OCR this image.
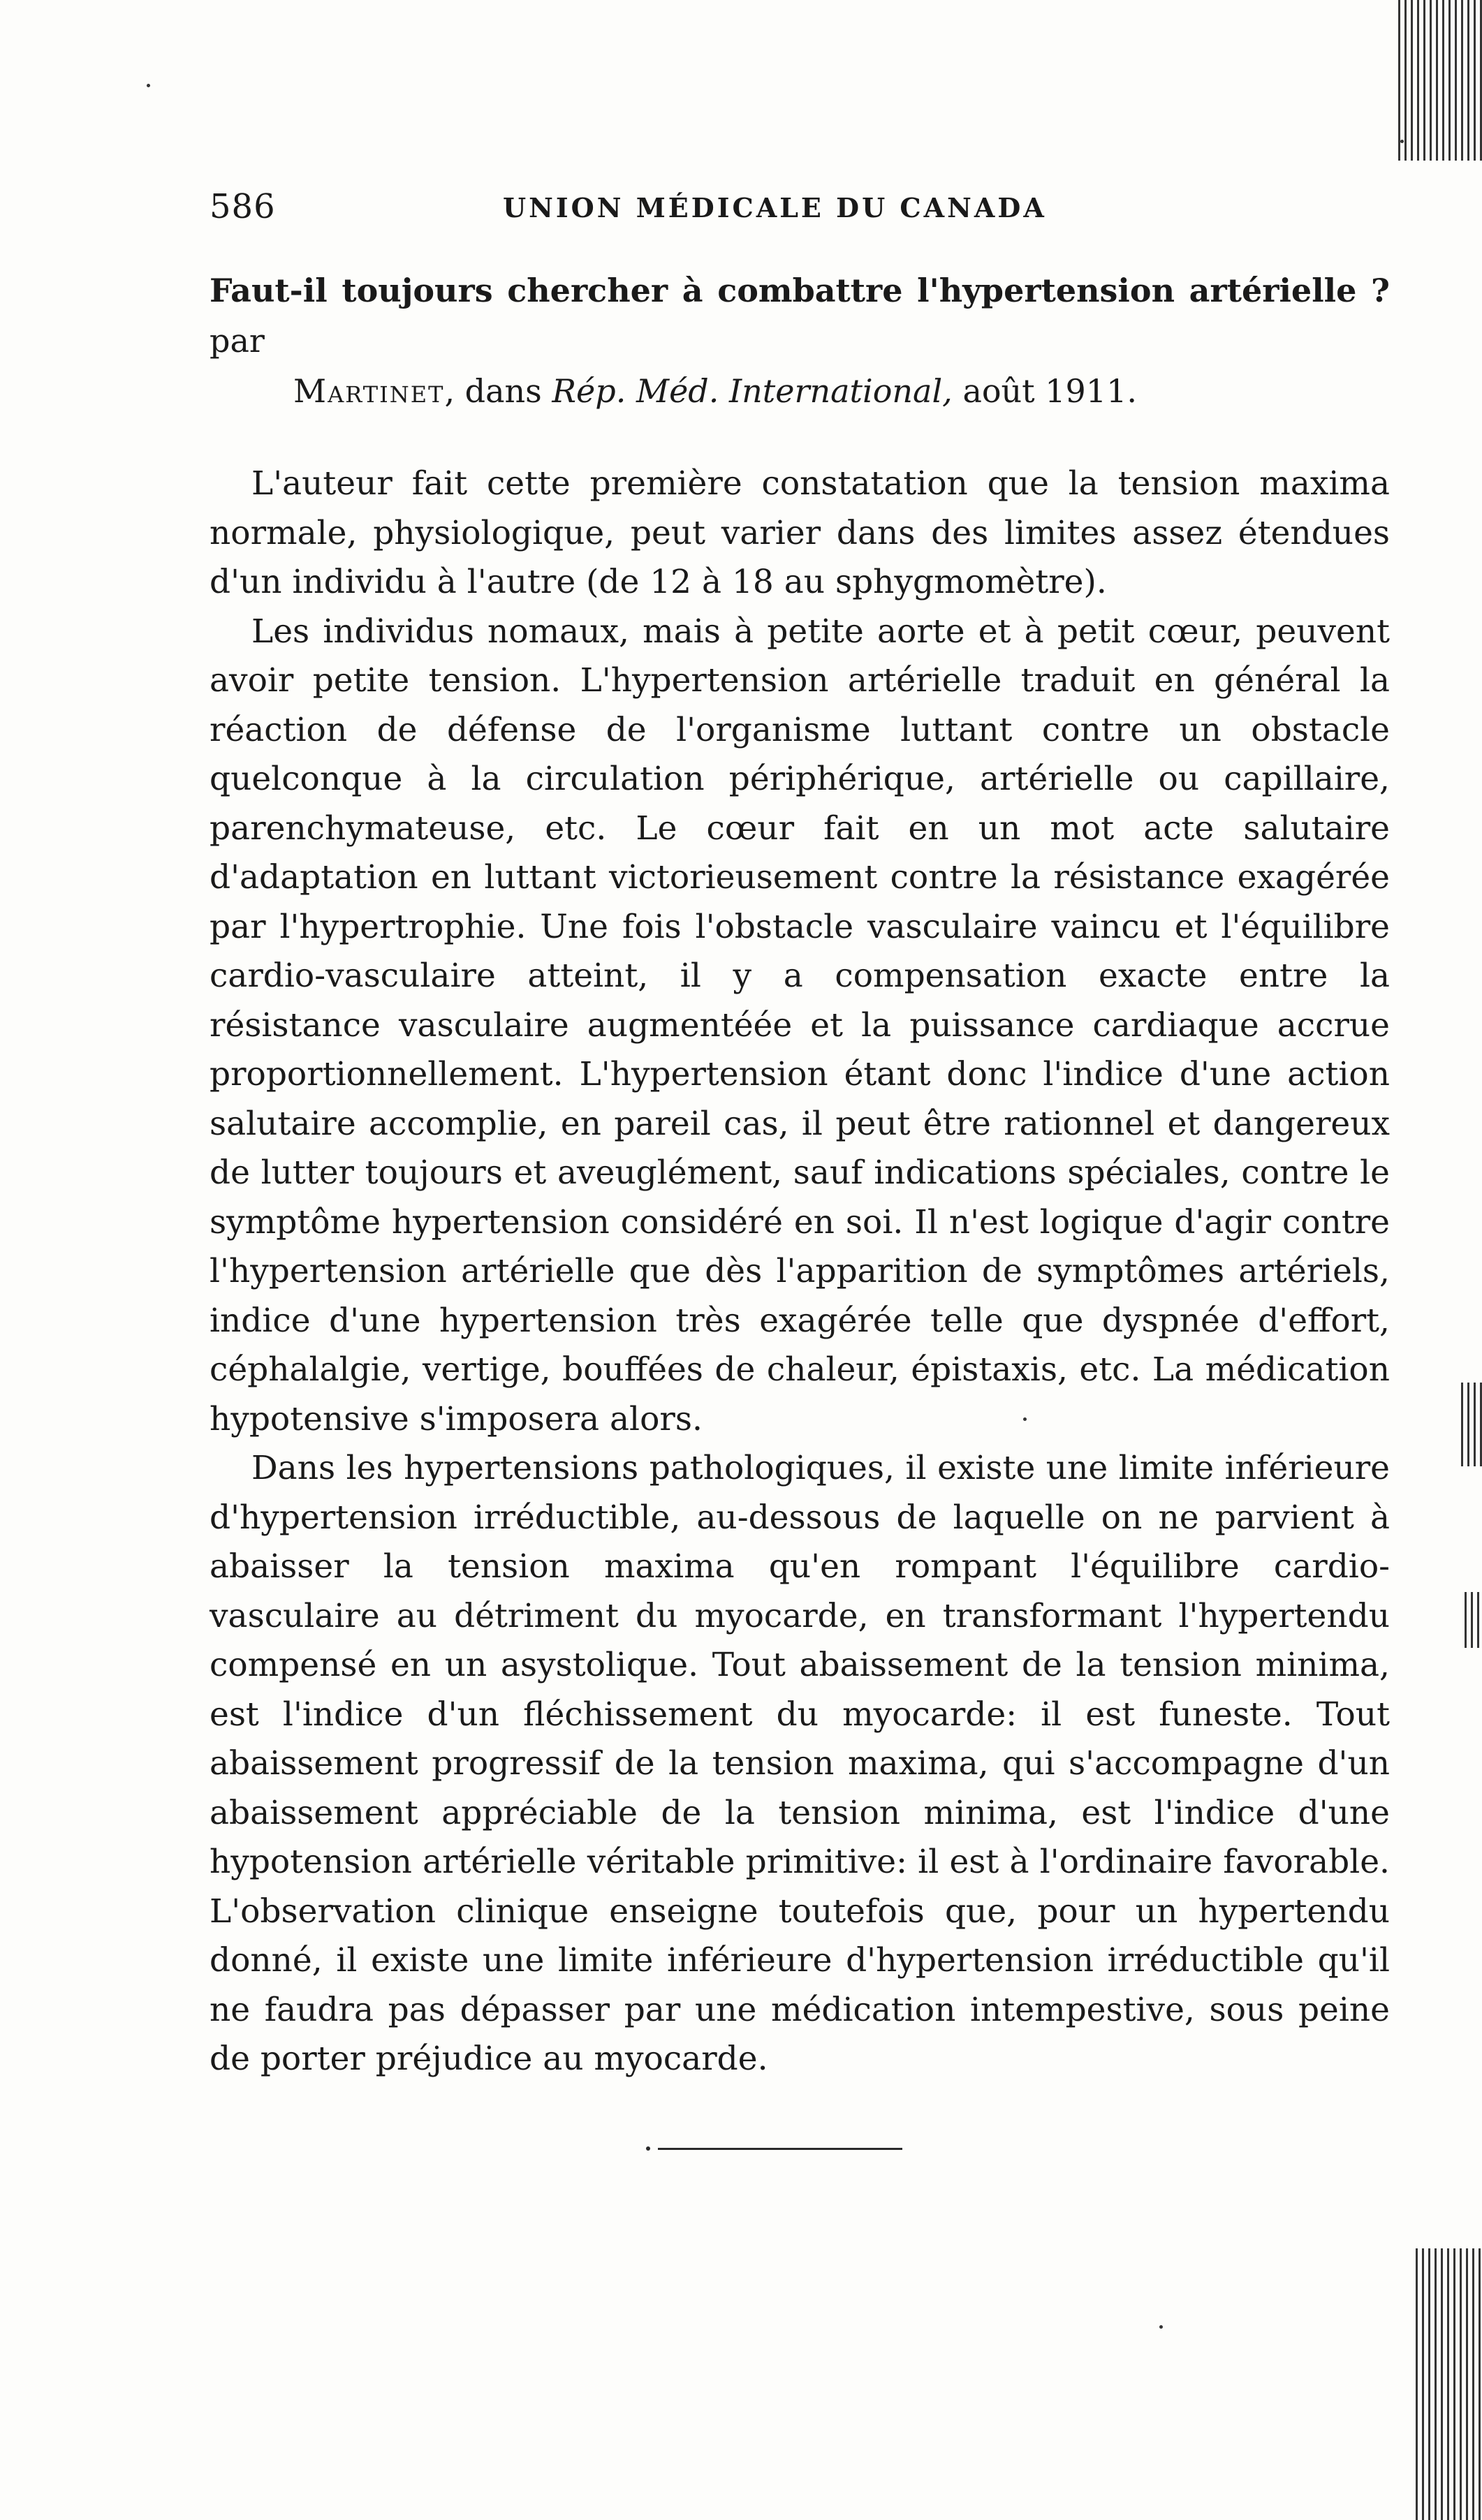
586	UNION MÉDICALE DU CANADA
Faut-il toujours chercher à combattre l'hypertension artérielle ? par
Martinet, dans Rép. Méd. International, août 1911.

L'auteur fait cette première constatation que la tension maxima normale, physiologique, peut varier dans des limites assez étendues d'un individu à l'autre (de 12 à 18 au sphygmomètre).

Les individus nomaux, mais à petite aorte et à petit cœur, peuvent avoir petite tension. L'hypertension artérielle traduit en général la réaction de défense de l'organisme luttant contre un obstacle quelconque à la circulation périphérique, artérielle ou capillaire, parenchymateuse, etc. Le cœur fait en un mot acte salutaire d'adaptation en luttant victorieusement contre la résistance exagérée par l'hypertrophie. Une fois l'obstacle vasculaire vaincu et l'équilibre cardio-vasculaire atteint, il y a compensation exacte entre la résistance vasculaire augmentéée et la puissance cardiaque accrue proportionnellement. L'hypertension étant donc l'indice d'une action salutaire accomplie, en pareil cas, il peut être rationnel et dangereux de lutter toujours et aveuglément, sauf indications spéciales, contre le symptôme hypertension considéré en soi. Il n'est logique d'agir contre l'hypertension artérielle que dès l'apparition de symptômes artériels, indice d'une hypertension très exagérée telle que dyspnée d'effort, céphalalgie, vertige, bouffées de chaleur, épistaxis, etc. La médication hypotensive s'imposera alors.

Dans les hypertensions pathologiques, il existe une limite inférieure d'hypertension irréductible, au-dessous de laquelle on ne parvient à abaisser la tension maxima qu'en rompant l'équilibre cardio-vasculaire au détriment du myocarde, en transformant l'hypertendu compensé en un asystolique. Tout abaissement de la tension minima, est l'indice d'un fléchissement du myocarde: il est funeste. Tout abaissement progressif de la tension maxima, qui s'accompagne d'un abaissement appréciable de la tension minima, est l'indice d'une hypotension artérielle véritable primitive: il est à l'ordinaire favorable. L'observation clinique enseigne toutefois que, pour un hypertendu donné, il existe une limite inférieure d'hypertension irréductible qu'il ne faudra pas dépasser par une médication intempestive, sous peine de porter préjudice au myocarde.
